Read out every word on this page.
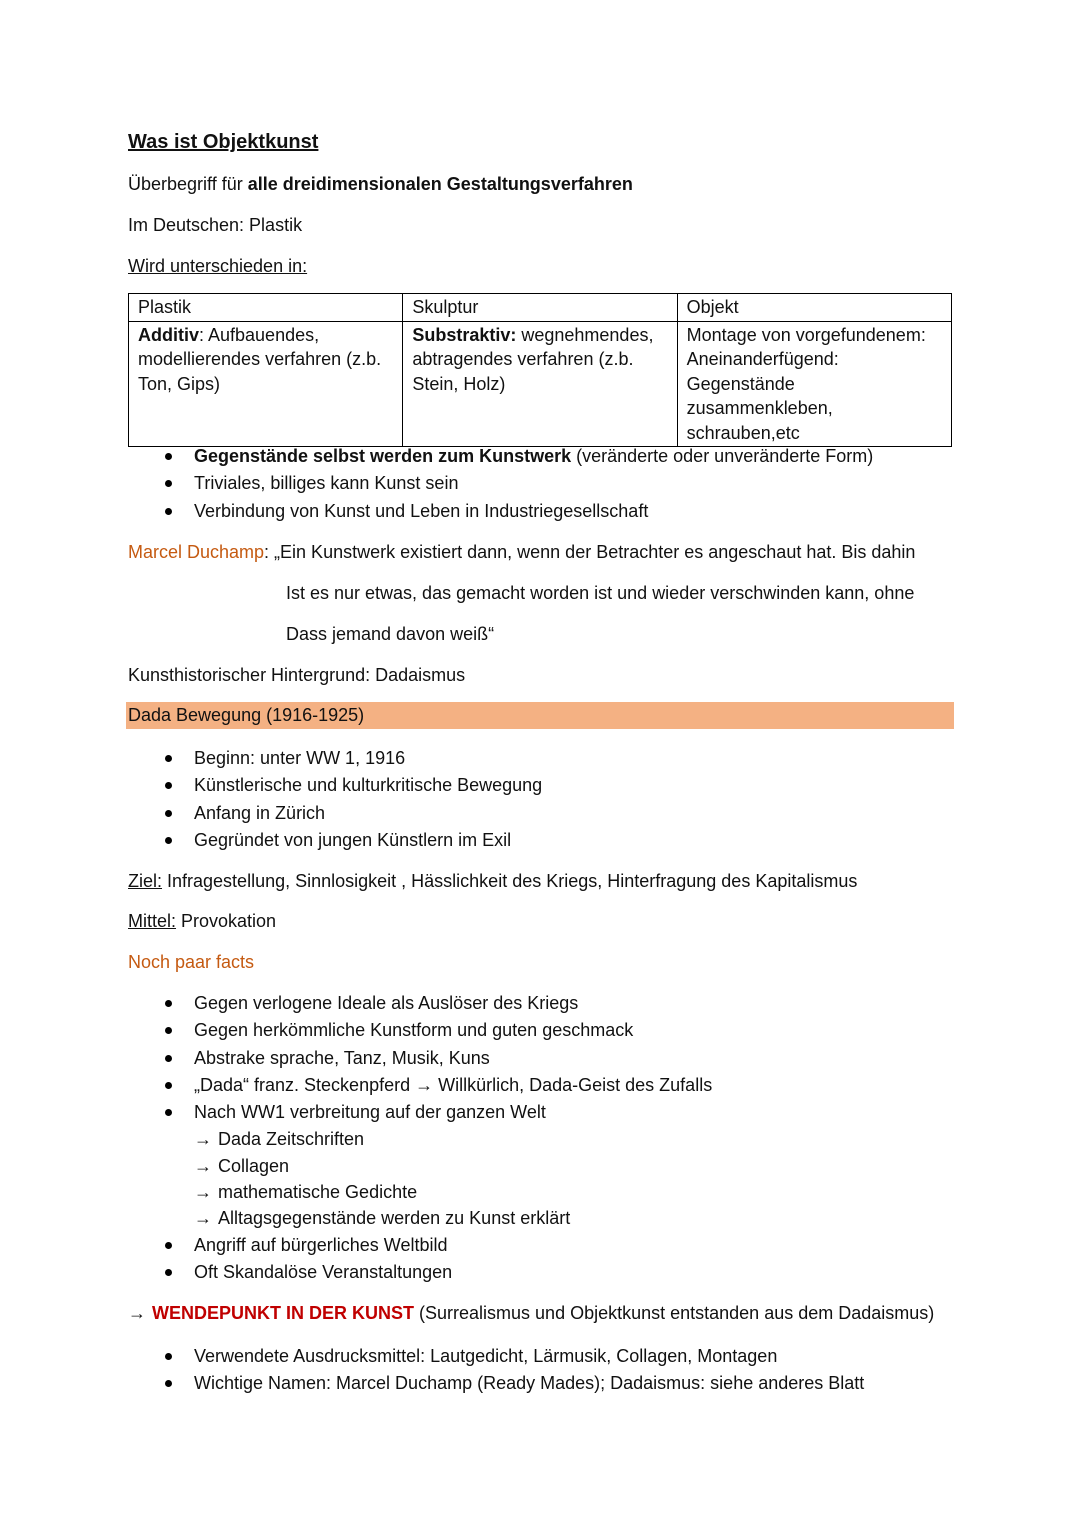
Was ist Objektkunst
Überbegriff für alle dreidimensionalen Gestaltungsverfahren
Im Deutschen: Plastik
Wird unterschieden in:
Plastik	Skulptur	Objekt
Additiv: Aufbauendes, modellierendes verfahren (z.b. Ton, Gips)	Substraktiv: wegnehmendes, abtragendes verfahren (z.b. Stein, Holz)	Montage von vorgefundenem: Aneinanderfügend: Gegenstände zusammenkleben, schrauben,etc
Gegenstände selbst werden zum Kunstwerk (veränderte oder unveränderte Form)
Triviales, billiges kann Kunst sein
Verbindung von Kunst und Leben in Industriegesellschaft
Marcel Duchamp: „Ein Kunstwerk existiert dann, wenn der Betrachter es angeschaut hat. Bis dahin
Ist es nur etwas, das gemacht worden ist und wieder verschwinden kann, ohne
Dass jemand davon weiß“
Kunsthistorischer Hintergrund: Dadaismus
Dada Bewegung (1916-1925)
Beginn: unter WW 1, 1916
Künstlerische und kulturkritische Bewegung
Anfang in Zürich
Gegründet von jungen Künstlern im Exil
Ziel: Infragestellung, Sinnlosigkeit , Hässlichkeit des Kriegs, Hinterfragung des Kapitalismus
Mittel: Provokation
Noch paar facts
Gegen verlogene Ideale als Auslöser des Kriegs
Gegen herkömmliche Kunstform und guten geschmack
Abstrake sprache, Tanz, Musik, Kuns
„Dada“ franz. Steckenpferd → Willkürlich, Dada-Geist des Zufalls
Nach WW1 verbreitung auf der ganzen Welt
→ Dada Zeitschriften
→ Collagen
→ mathematische Gedichte
→ Alltagsgegenstände werden zu Kunst erklärt
Angriff auf bürgerliches Weltbild
Oft Skandalöse Veranstaltungen
→ WENDEPUNKT IN DER KUNST (Surrealismus und Objektkunst entstanden aus dem Dadaismus)
Verwendete Ausdrucksmittel: Lautgedicht, Lärmusik, Collagen, Montagen
Wichtige Namen: Marcel Duchamp (Ready Mades); Dadaismus: siehe anderes Blatt
